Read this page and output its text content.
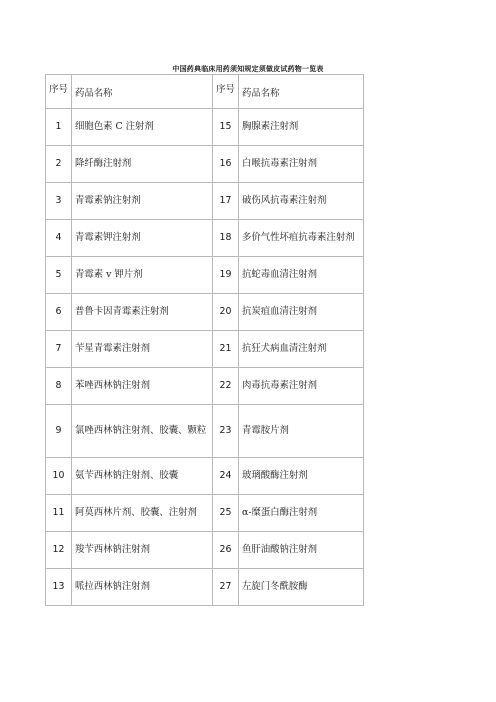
中国药典临床用药须知规定须做皮试药物一览表
序号	药品名称	序号	药品名称
1	细胞色素 C 注射剂	15	胸腺素注射剂
2	降纤酶注射剂	16	白喉抗毒素注射剂
3	青霉素钠注射剂	17	破伤风抗毒素注射剂
4	青霉素钾注射剂	18	多价气性坏疽抗毒素注射剂
5	青霉素 v 钾片剂	19	抗蛇毒血清注射剂
6	普鲁卡因青霉素注射剂	20	抗炭疽血清注射剂
7	苄星青霉素注射剂	21	抗狂犬病血清注射剂
8	苯唑西林钠注射剂	22	肉毒抗毒素注射剂
9	氯唑西林钠注射剂、胶囊、颗粒	23	青霉胺片剂
10	氨苄西林钠注射剂、胶囊	24	玻璃酸酶注射剂
11	阿莫西林片剂、胶囊、注射剂	25	α-糜蛋白酶注射剂
12	羧苄西林钠注射剂	26	鱼肝油酸钠注射剂
13	哌拉西林钠注射剂	27	左旋门冬酰胺酶
